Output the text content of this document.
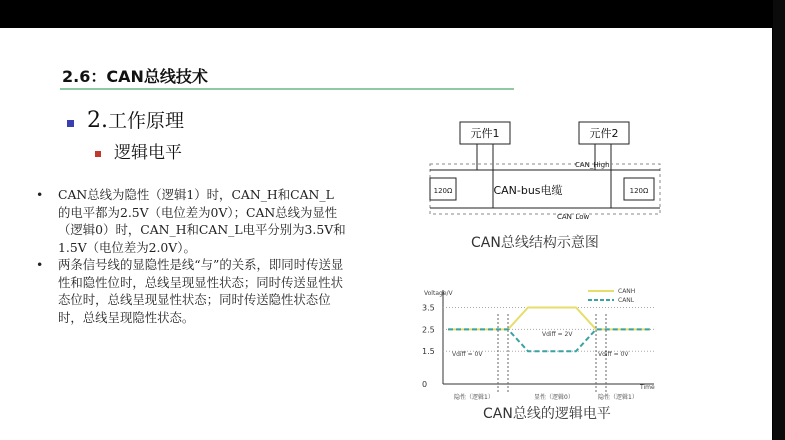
2.6：CAN总线技术
2.工作原理
逻辑电平
• CAN总线为隐性（逻辑1）时，CAN_H和CAN_L的电平都为2.5V（电位差为0V）；CAN总线为显性（逻辑0）时，CAN_H和CAN_L电平分别为3.5V和1.5V（电位差为2.0V）。
• 两条信号线的显隐性是线“与”的关系，即同时传送显性和隐性位时，总线呈现显性状态；同时传送显性状态位时，总线呈现显性状态；同时传送隐性状态位时，总线呈现隐性状态。
元件1	元件2
120Ω	120Ω
CAN_High
CAN_Low
CAN-bus电缆
CAN总线结构示意图
Voltage/V
Time
3.5
2.5
1.5
0
CANH
CANL
Vdiff = 0V
Vdiff = 2V
Vdiff = 0V
隐性（逻辑1）	显性（逻辑0）	隐性（逻辑1）
CAN总线的逻辑电平
